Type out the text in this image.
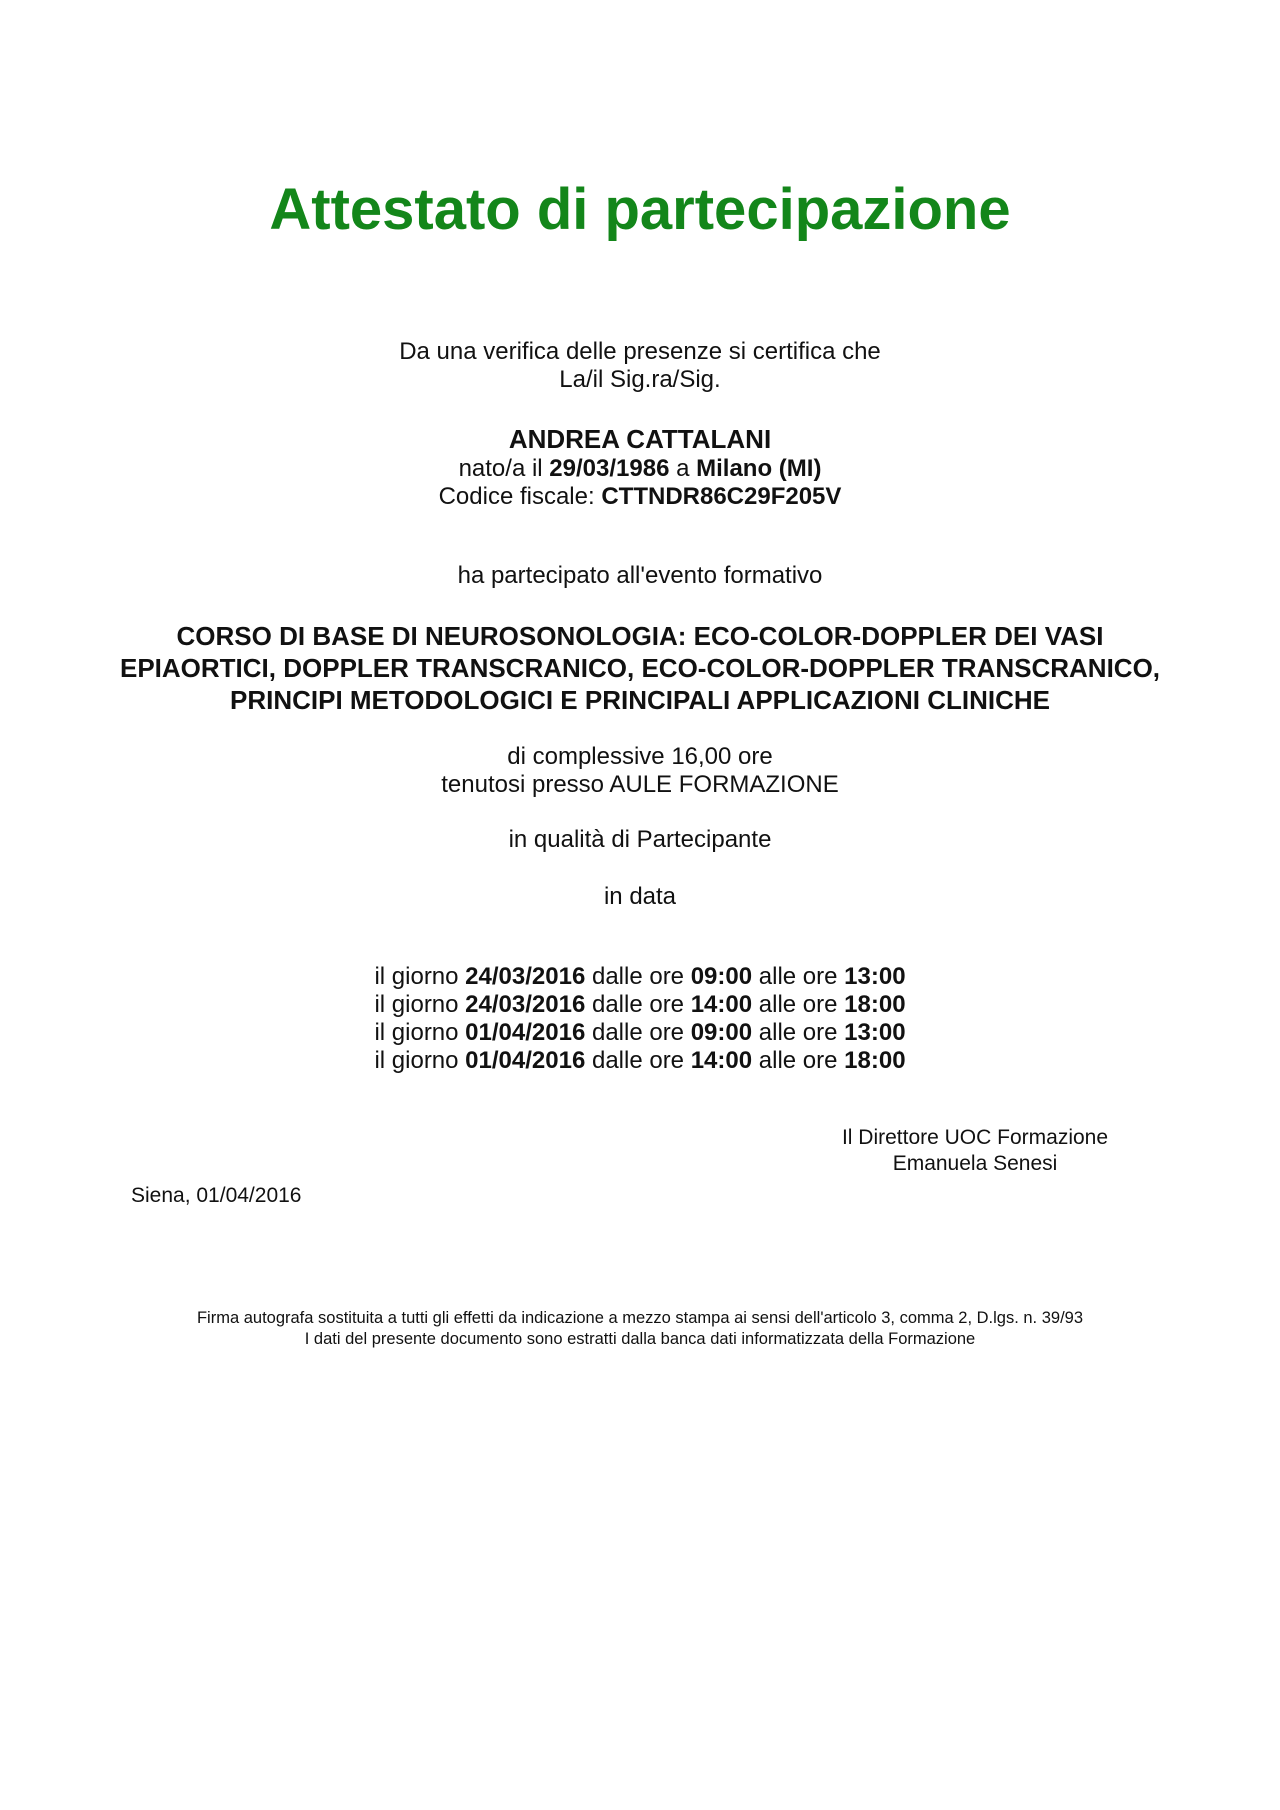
Attestato di partecipazione
Da una verifica delle presenze si certifica che
La/il Sig.ra/Sig.
ANDREA CATTALANI
nato/a il 29/03/1986 a Milano (MI)
Codice fiscale: CTTNDR86C29F205V
ha partecipato all'evento formativo
CORSO DI BASE DI NEUROSONOLOGIA: ECO-COLOR-DOPPLER DEI VASI
EPIAORTICI, DOPPLER TRANSCRANICO, ECO-COLOR-DOPPLER TRANSCRANICO,
PRINCIPI METODOLOGICI E PRINCIPALI APPLICAZIONI CLINICHE
di complessive 16,00 ore
tenutosi presso AULE FORMAZIONE
in qualità di Partecipante
in data
il giorno 24/03/2016 dalle ore 09:00 alle ore 13:00
il giorno 24/03/2016 dalle ore 14:00 alle ore 18:00
il giorno 01/04/2016 dalle ore 09:00 alle ore 13:00
il giorno 01/04/2016 dalle ore 14:00 alle ore 18:00
Il Direttore UOC Formazione
Emanuela Senesi
Siena, 01/04/2016
Firma autografa sostituita a tutti gli effetti da indicazione a mezzo stampa ai sensi dell'articolo 3, comma 2, D.lgs. n. 39/93
I dati del presente documento sono estratti dalla banca dati informatizzata della Formazione
